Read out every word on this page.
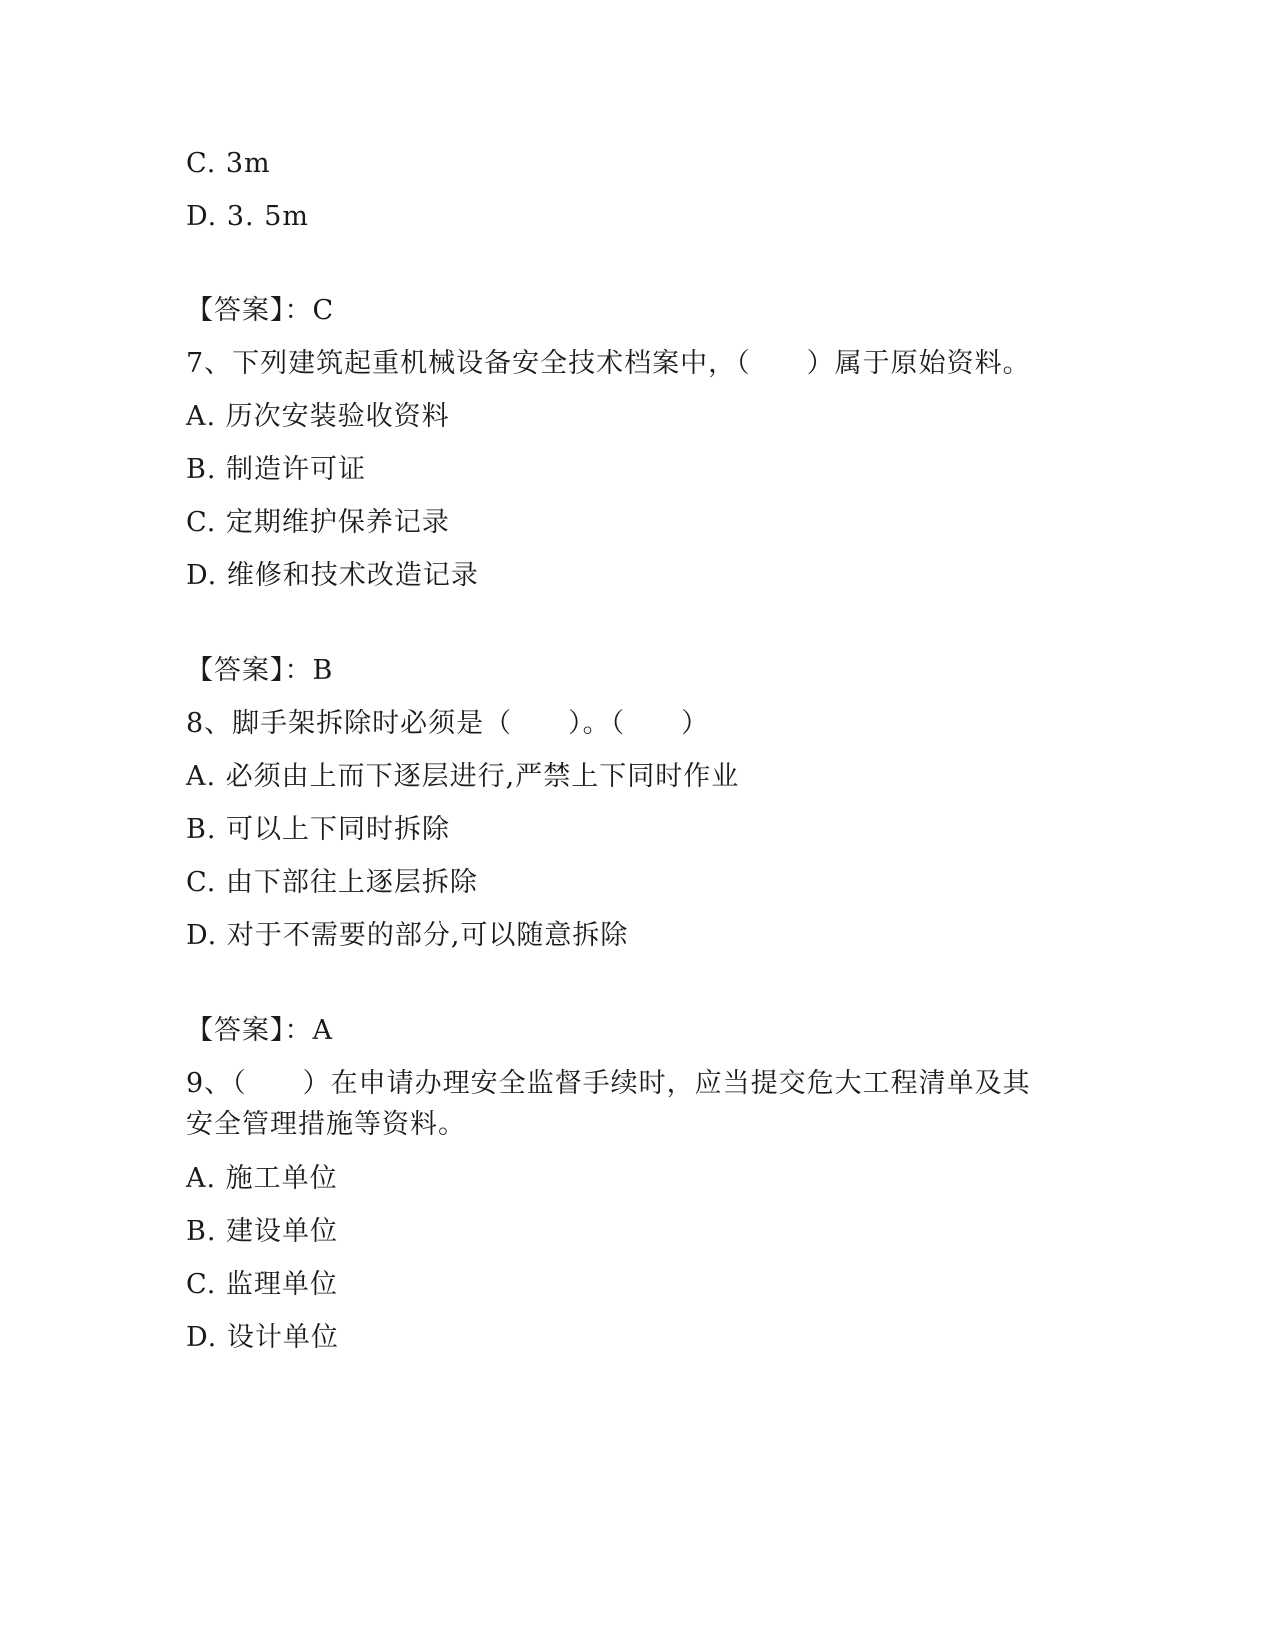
C. 3m
D. 3. 5m
【答案】：C
7、下列建筑起重机械设备安全技术档案中，（　　）属于原始资料。
A. 历次安装验收资料
B. 制造许可证
C. 定期维护保养记录
D. 维修和技术改造记录
【答案】：B
8、脚手架拆除时必须是（　　）。（　　）
A. 必须由上而下逐层进行,严禁上下同时作业
B. 可以上下同时拆除
C. 由下部往上逐层拆除
D. 对于不需要的部分,可以随意拆除
【答案】：A
9、（　　）在申请办理安全监督手续时，应当提交危大工程清单及其
安全管理措施等资料。
A. 施工单位
B. 建设单位
C. 监理单位
D. 设计单位
